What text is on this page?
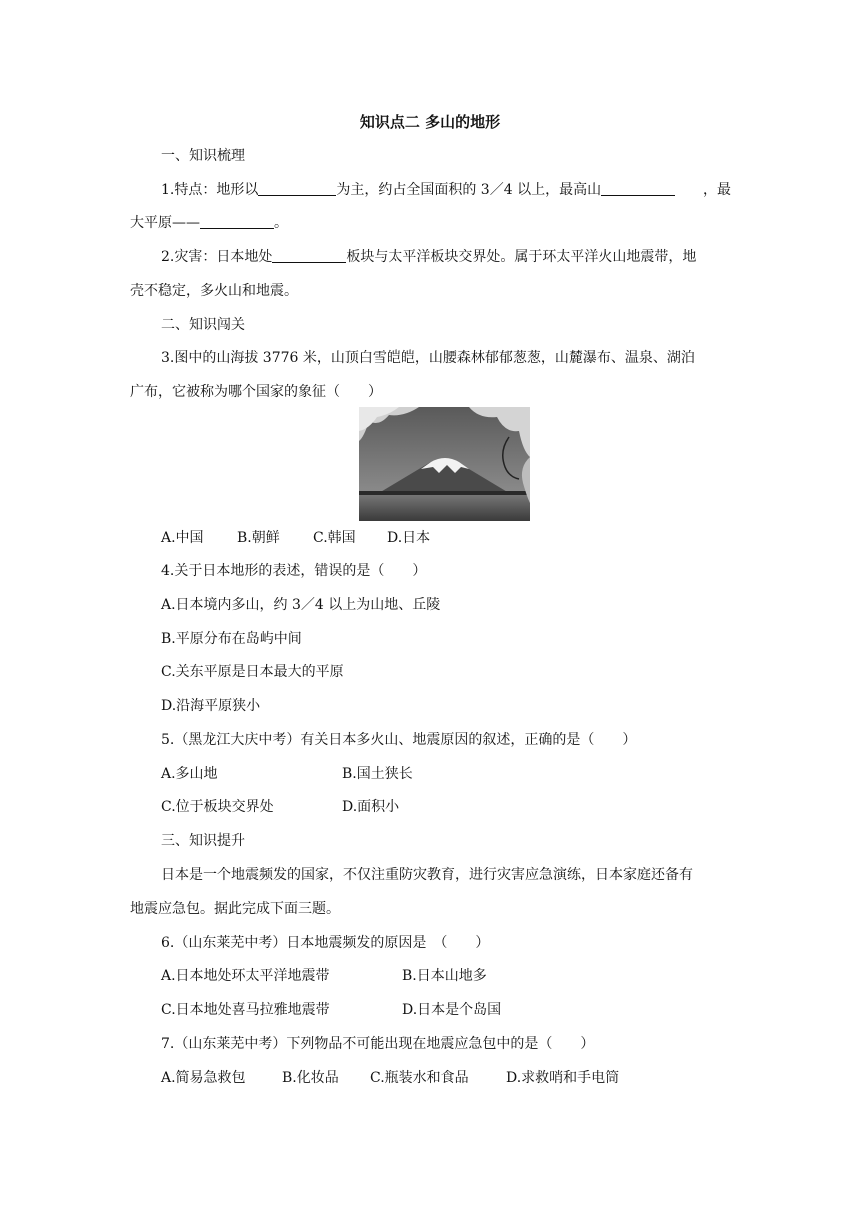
知识点二 多山的地形
一、知识梳理
1.特点：地形以	为主，约占全国面积的 3／4 以上，最高山	，最
大平原——	。
2.灾害：日本地处	板块与太平洋板块交界处。属于环太平洋火山地震带，地
壳不稳定，多火山和地震。
二、知识闯关
3.图中的山海拔 3776 米，山顶白雪皑皑，山腰森林郁郁葱葱，山麓瀑布、温泉、湖泊
广布，它被称为哪个国家的象征（　　）
A.中国 B.朝鲜 C.韩国 D.日本
4.关于日本地形的表述，错误的是（　　）
A.日本境内多山，约 3／4 以上为山地、丘陵
B.平原分布在岛屿中间
C.关东平原是日本最大的平原
D.沿海平原狭小
5.（黑龙江大庆中考）有关日本多火山、地震原因的叙述，正确的是（　　）
A.多山地	B.国土狭长
C.位于板块交界处	D.面积小
三、知识提升
日本是一个地震频发的国家，不仅注重防灾教育，进行灾害应急演练，日本家庭还备有
地震应急包。据此完成下面三题。
6.（山东莱芜中考）日本地震频发的原因是　（　　）
A.日本地处环太平洋地震带	B.日本山地多
C.日本地处喜马拉雅地震带	D.日本是个岛国
7.（山东莱芜中考）下列物品不可能出现在地震应急包中的是（　　）
A.简易急救包	B.化妆品 C.瓶装水和食品	D.求救哨和手电筒
